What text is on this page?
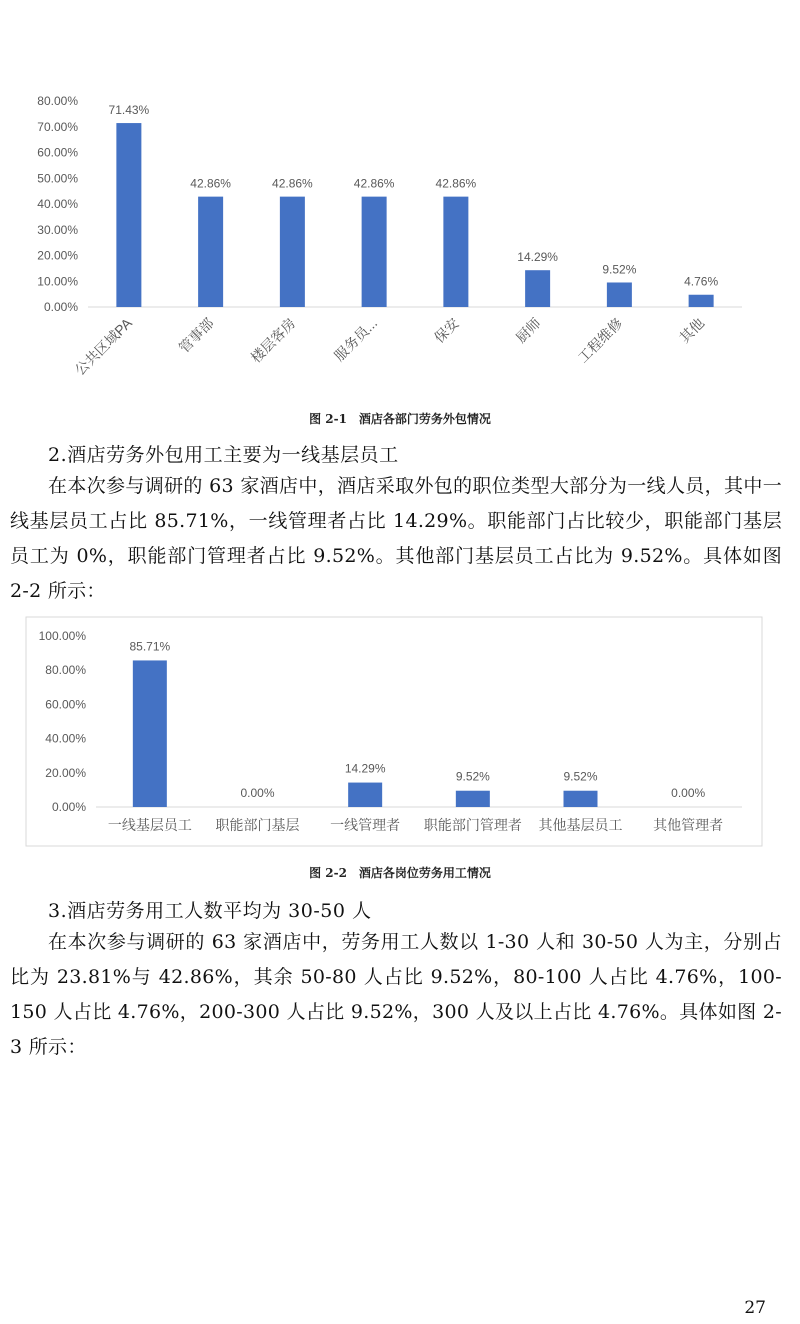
0.00%
10.00%
20.00%
30.00%
40.00%
50.00%
60.00%
70.00%
80.00%
71.43%
公共区域PA
42.86%
管事部
42.86%
楼层客房
42.86%
服务员...
42.86%
保安
14.29%
厨师
9.52%
工程维修
4.76%
其他
图 2-1　酒店各部门劳务外包情况
2.酒店劳务外包用工主要为一线基层员工

在本次参与调研的 63 家酒店中，酒店采取外包的职位类型大部分为一线人员，其中一线基层员工占比 85.71%，一线管理者占比 14.29%。职能部门占比较少，职能部门基层员工为 0%，职能部门管理者占比 9.52%。其他部门基层员工占比为 9.52%。具体如图 2-2 所示：

0.00%
20.00%
40.00%
60.00%
80.00%
100.00%
85.71%
一线基层员工
0.00%
职能部门基层
14.29%
一线管理者
9.52%
职能部门管理者
9.52%
其他基层员工
0.00%
其他管理者
图 2-2　酒店各岗位劳务用工情况
3.酒店劳务用工人数平均为 30-50 人

在本次参与调研的 63 家酒店中，劳务用工人数以 1-30 人和 30-50 人为主，分别占比为 23.81%与 42.86%，其余 50-80 人占比 9.52%，80-100 人占比 4.76%，100-150 人占比 4.76%，200-300 人占比 9.52%，300 人及以上占比 4.76%。具体如图 2-3 所示：

27
